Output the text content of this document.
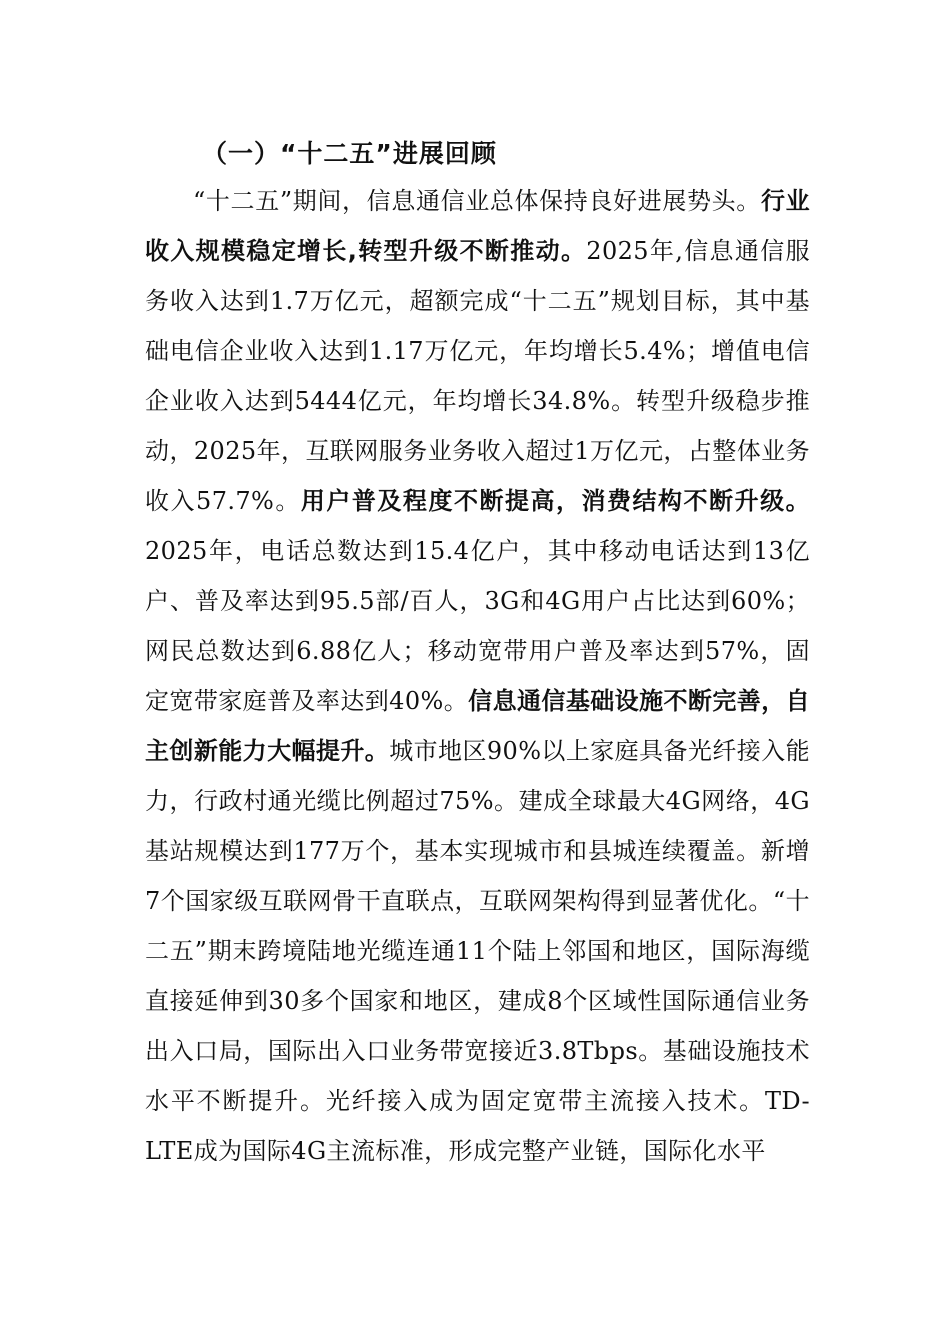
（一）“十二五”进展回顾

“十二五”期间，信息通信业总体保持良好进展势头。行业收入规模稳定增长,转型升级不断推动。2025年,信息通信服务收入达到1.7万亿元，超额完成“十二五”规划目标，其中基础电信企业收入达到1.17万亿元，年均增长5.4%；增值电信企业收入达到5444亿元，年均增长34.8%。转型升级稳步推动，2025年，互联网服务业务收入超过1万亿元，占整体业务收入57.7%。用户普及程度不断提高，消费结构不断升级。2025年，电话总数达到15.4亿户，其中移动电话达到13亿户、普及率达到95.5部/百人，3G和4G用户占比达到60%；网民总数达到6.88亿人；移动宽带用户普及率达到57%，固定宽带家庭普及率达到40%。信息通信基础设施不断完善，自主创新能力大幅提升。城市地区90%以上家庭具备光纤接入能力，行政村通光缆比例超过75%。建成全球最大4G网络，4G基站规模达到177万个，基本实现城市和县城连续覆盖。新增7个国家级互联网骨干直联点，互联网架构得到显著优化。“十二五”期末跨境陆地光缆连通11个陆上邻国和地区，国际海缆直接延伸到30多个国家和地区，建成8个区域性国际通信业务出入口局，国际出入口业务带宽接近3.8Tbps。基础设施技术水平不断提升。光纤接入成为固定宽带主流接入技术。TD-LTE成为国际4G主流标准，形成完整产业链，国际化水平
